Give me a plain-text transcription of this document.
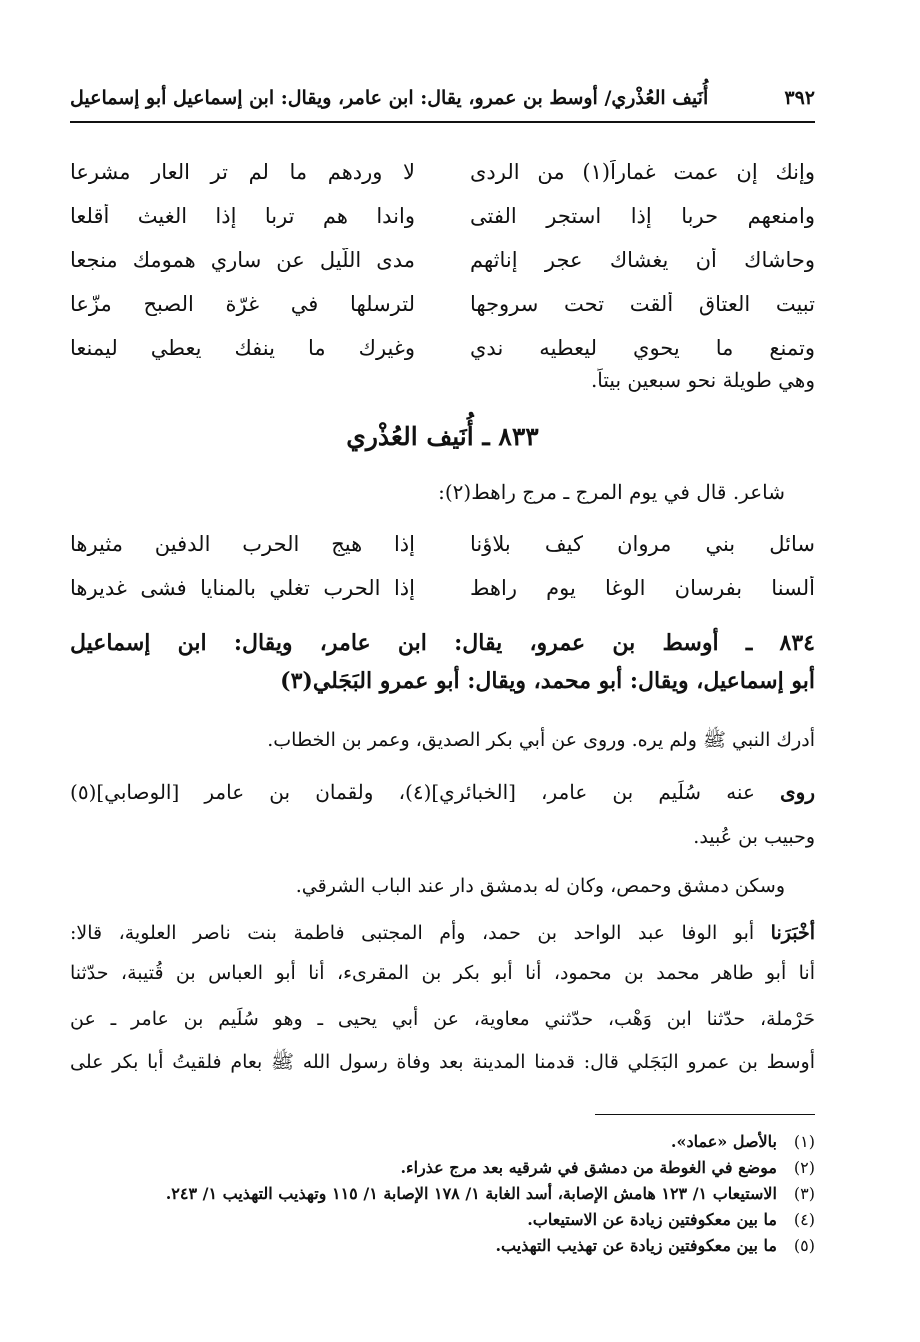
٣٩٢
أُنَيف العُذْري/ أوسط بن عمرو، يقال: ابن عامر، ويقال: ابن إسماعيل أبو إسماعيل
وإنك إن عمت غماراً(١) من الردى
لا وردهم ما لم تر العار مشرعا
وامنعهم حربا إذا استجر الفتى
واندا هم تربا إذا الغيث أقلعا
وحاشاك أن يغشاك عجر إناثهم
مدى اللّيل عن ساري همومك منجعا
تبيت العتاق ألقت تحت سروجها
لترسلها في غرّة الصبح مزّعا
وتمنع ما يحوي ليعطيه ندي
وغيرك ما ينفك يعطي ليمنعا
وهي طويلة نحو سبعين بيتاً.
٨٣٣ ـ أُنَيف العُذْري
شاعر. قال في يوم المرج ـ مرج راهط(٢):
سائل بني مروان كيف بلاؤنا
إذا هيج الحرب الدفين مثيرها
ألسنا بفرسان الوغا يوم راهط
إذا الحرب تغلي بالمنايا فشى غديرها
٨٣٤ ـ أوسط بن عمرو، يقال: ابن عامر، ويقال: ابن إسماعيل
أبو إسماعيل، ويقال: أبو محمد، ويقال: أبو عمرو البَجَلي(٣)
أدرك النبي ﷺ ولم يره. وروى عن أبي بكر الصديق، وعمر بن الخطاب.
روى عنه سُلَيم بن عامر، [الخبائري](٤)، ولقمان بن عامر [الوصابي](٥)
وحبيب بن عُبيد.
وسكن دمشق وحمص، وكان له بدمشق دار عند الباب الشرقي.
أخْبَرَنا أبو الوفا عبد الواحد بن حمد، وأم المجتبى فاطمة بنت ناصر العلوية، قالا:
أنا أبو طاهر محمد بن محمود، أنا أبو بكر بن المقرىء، أنا أبو العباس بن قُتيبة، حدّثنا
حَرْملة، حدّثنا ابن وَهْب، حدّثني معاوية، عن أبي يحيى ـ وهو سُلَيم بن عامر ـ عن
أوسط بن عمرو البَجَلي قال: قدمنا المدينة بعد وفاة رسول الله ﷺ بعام فلقيتُ أبا بكر على
(١)
بالأصل «عماد».
(٢)
موضع في الغوطة من دمشق في شرقيه بعد مرج عذراء.
(٣)
الاستيعاب ١/ ١٢٣ هامش الإصابة، أسد الغابة ١/ ١٧٨ الإصابة ١/ ١١٥ وتهذيب التهذيب ١/ ٢٤٣.
(٤)
ما بين معكوفتين زيادة عن الاستيعاب.
(٥)
ما بين معكوفتين زيادة عن تهذيب التهذيب.
